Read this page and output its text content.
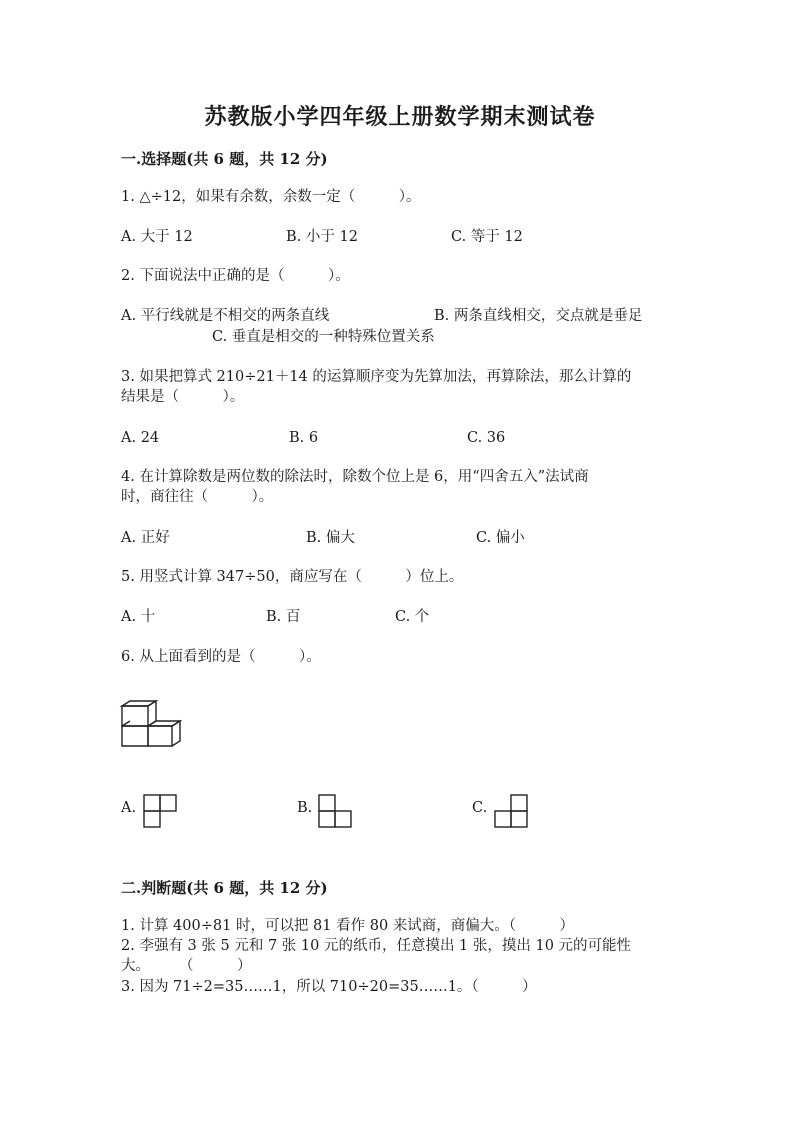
苏教版小学四年级上册数学期末测试卷
一.选择题(共 6 题，共 12 分)
1. △÷12，如果有余数，余数一定（　　　）。
A. 大于 12	B. 小于 12	C. 等于 12
2. 下面说法中正确的是（　　　）。
A. 平行线就是不相交的两条直线	B. 两条直线相交，交点就是垂足
C. 垂直是相交的一种特殊位置关系
3. 如果把算式 210÷21＋14 的运算顺序变为先算加法，再算除法，那么计算的
结果是（　　　）。
A. 24	B. 6	C. 36
4. 在计算除数是两位数的除法时，除数个位上是 6，用“四舍五入”法试商
时，商往往（　　　）。
A. 正好	B. 偏大	C. 偏小
5. 用竖式计算 347÷50，商应写在（　　　）位上。
A. 十	B. 百	C. 个
6. 从上面看到的是（　　　）。
A.	B.	C.
二.判断题(共 6 题，共 12 分)
1. 计算 400÷81 时，可以把 81 看作 80 来试商，商偏大。（　　　）
2. 李强有 3 张 5 元和 7 张 10 元的纸币，任意摸出 1 张，摸出 10 元的可能性
大。　　　（　　　）
3. 因为 71÷2=35……1，所以 710÷20=35……1。（　　　）
